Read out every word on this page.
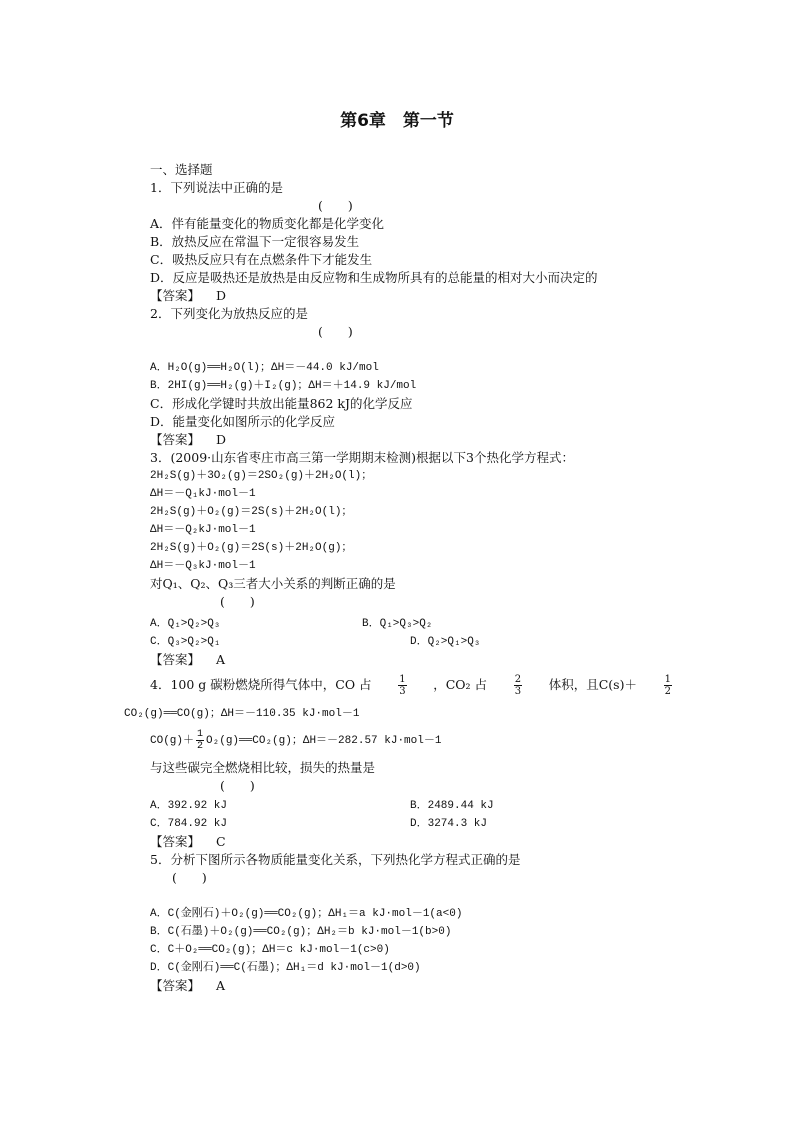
第6章　第一节
一、选择题
1．下列说法中正确的是
(　　)
A．伴有能量变化的物质变化都是化学变化
B．放热反应在常温下一定很容易发生
C．吸热反应只有在点燃条件下才能发生
D．反应是吸热还是放热是由反应物和生成物所具有的总能量的相对大小而决定的
【答案】 D
2．下列变化为放热反应的是
(　　)
A．H₂O(g)══H₂O(l)；ΔH＝－44.0 kJ/mol
B．2HI(g)══H₂(g)＋I₂(g)；ΔH＝＋14.9 kJ/mol
C．形成化学键时共放出能量862 kJ的化学反应
D．能量变化如图所示的化学反应
【答案】 D
3．(2009·山东省枣庄市高三第一学期期末检测)根据以下3个热化学方程式：
2H₂S(g)＋3O₂(g)＝2SO₂(g)＋2H₂O(l)；
ΔH＝－Q₁kJ·mol－1
2H₂S(g)＋O₂(g)＝2S(s)＋2H₂O(l)；
ΔH＝－Q₂kJ·mol－1
2H₂S(g)＋O₂(g)＝2S(s)＋2H₂O(g)；
ΔH＝－Q₃kJ·mol－1
对Q₁、Q₂、Q₃三者大小关系的判断正确的是
(　　)
A．Q₁>Q₂>Q₃	B．Q₁>Q₃>Q₂
C．Q₃>Q₂>Q₁	D．Q₂>Q₁>Q₃
【答案】 A
4．100 g 碳粉燃烧所得气体中，CO 占	$\frac{1}{3}$ ，CO₂ 占	$\frac{2}{3}$ 体积，且C(s)＋	$\frac{1}{2}$
CO₂(g)══CO(g)；ΔH＝－110.35 kJ·mol－1
$CO(g)+ \frac{1}{2}$ O₂(g)══CO₂(g)；ΔH＝－282.57 kJ·mol－1
与这些碳完全燃烧相比较，损失的热量是
(　　)
A．392.92 kJ	B．2489.44 kJ
C．784.92 kJ	D．3274.3 kJ
【答案】 C
5．分析下图所示各物质能量变化关系，下列热化学方程式正确的是
(　　)
A．C(金刚石)＋O₂(g)══CO₂(g)；ΔH₁＝a kJ·mol－1(a<0)
B．C(石墨)＋O₂(g)══CO₂(g)；ΔH₂＝b kJ·mol－1(b>0)
C．C＋O₂══CO₂(g)；ΔH＝c kJ·mol－1(c>0)
D．C(金刚石)══C(石墨)；ΔH₁＝d kJ·mol－1(d>0)
【答案】 A
